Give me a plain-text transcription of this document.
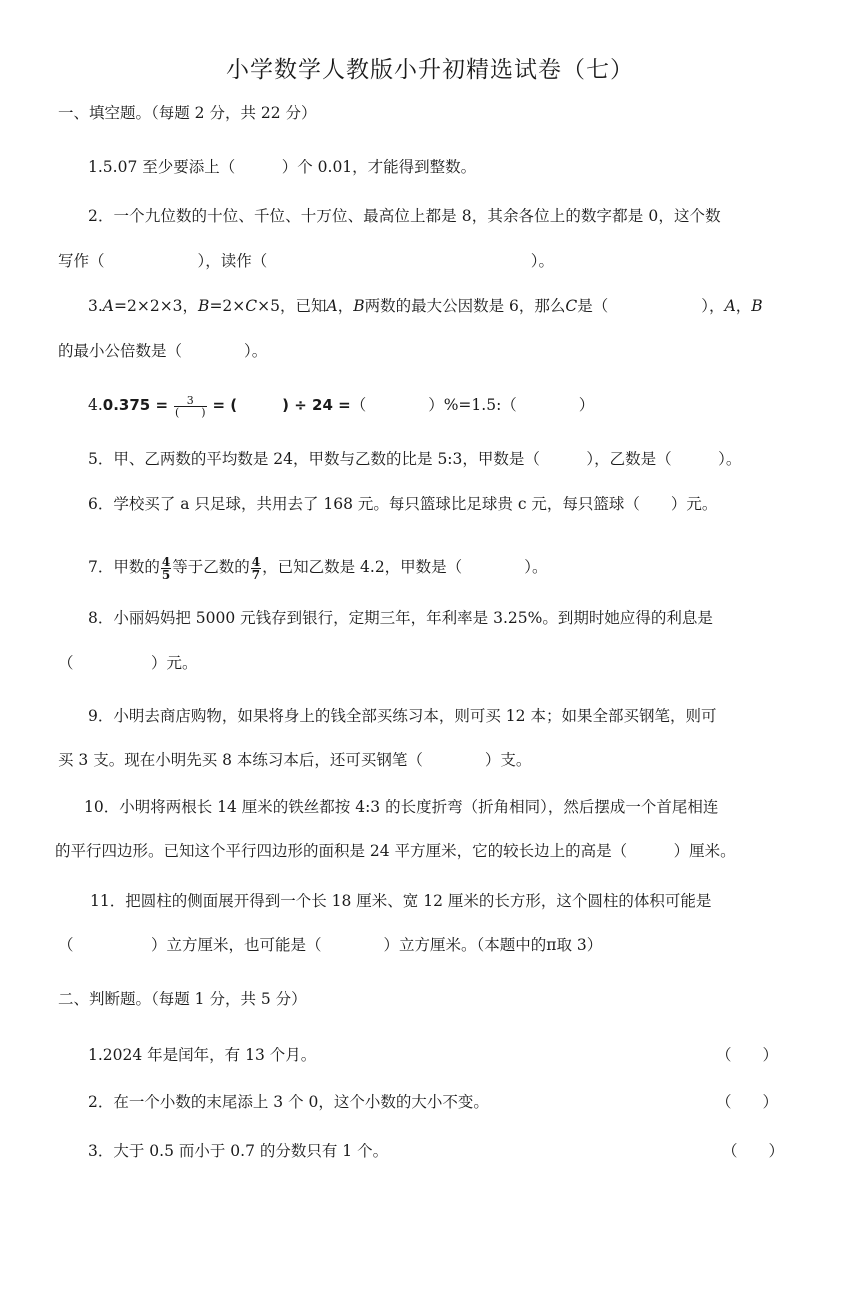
小学数学人教版小升初精选试卷（七）
一、填空题。（每题 2 分，共 22 分）
1.5.07 至少要添上（　　　）个 0.01，才能得到整数。
2．一个九位数的十位、千位、十万位、最高位上都是 8，其余各位上的数字都是 0，这个数
写作（　　　　　　），读作（　　　　　　　　　　　　　　　　　）。
3.A=2×2×3，B=2×C×5，已知A，B两数的最大公因数是 6，那么C是（　　　　　　），A，B
的最小公倍数是（　　　　）。
$4.0.375 = \frac{3}{( )}$ = (　　　) ÷ 24 =（　　　　）%=1.5:（　　　　）
5．甲、乙两数的平均数是 24，甲数与乙数的比是 5:3，甲数是（　　　），乙数是（　　　）。
6．学校买了 a 只足球，共用去了 168 元。每只篮球比足球贵 c 元，每只篮球（　　）元。
7．甲数的 $\frac{4}{5}$ 等于乙数的 $\frac{4}{7}$ ，已知乙数是 4.2，甲数是（　　　　）。
8．小丽妈妈把 5000 元钱存到银行，定期三年，年利率是 3.25%。到期时她应得的利息是
（　　　　　）元。
9．小明去商店购物，如果将身上的钱全部买练习本，则可买 12 本；如果全部买钢笔，则可
买 3 支。现在小明先买 8 本练习本后，还可买钢笔（　　　　）支。
10．小明将两根长 14 厘米的铁丝都按 4:3 的长度折弯（折角相同），然后摆成一个首尾相连
的平行四边形。已知这个平行四边形的面积是 24 平方厘米，它的较长边上的高是（　　　）厘米。
11．把圆柱的侧面展开得到一个长 18 厘米、宽 12 厘米的长方形，这个圆柱的体积可能是
（　　　　　）立方厘米，也可能是（　　　　）立方厘米。（本题中的π取 3）
二、判断题。（每题 1 分，共 5 分）
1.2024 年是闰年，有 13 个月。	（　　）
2．在一个小数的末尾添上 3 个 0，这个小数的大小不变。	（　　）
3．大于 0.5 而小于 0.7 的分数只有 1 个。	（　　）
